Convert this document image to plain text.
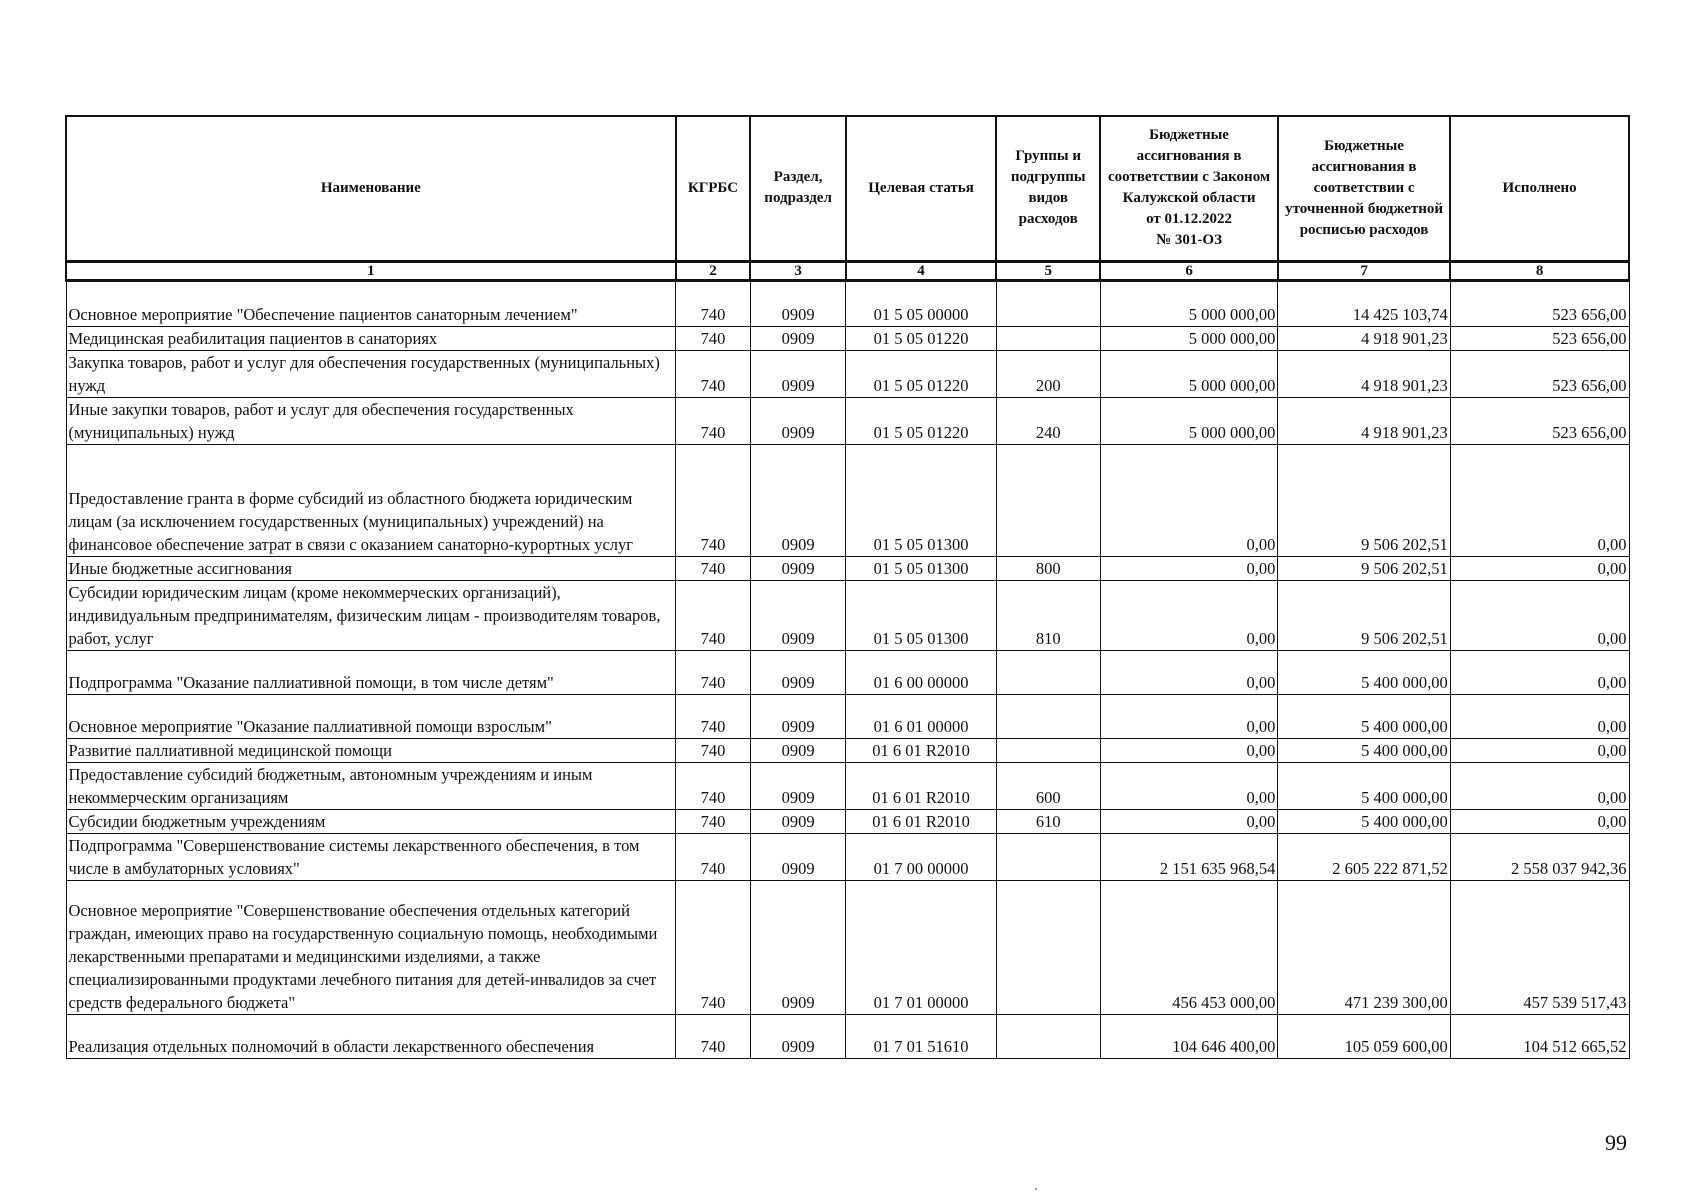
Наименование	КГРБС	Раздел, подраздел	Целевая статья	Группы и подгруппы видов расходов	Бюджетные ассигнования в соответствии с Законом Калужской области
от 01.12.2022
№ 301-ОЗ	Бюджетные ассигнования в соответствии с уточненной бюджетной росписью расходов	Исполнено
1	2	3	4	5	6	7	8
Основное мероприятие "Обеспечение пациентов санаторным лечением"	740	0909	01 5 05 00000		5 000 000,00	14 425 103,74	523 656,00
Медицинская реабилитация пациентов в санаториях	740	0909	01 5 05 01220		5 000 000,00	4 918 901,23	523 656,00
Закупка товаров, работ и услуг для обеспечения государственных (муниципальных) нужд	740	0909	01 5 05 01220	200	5 000 000,00	4 918 901,23	523 656,00
Иные закупки товаров, работ и услуг для обеспечения государственных (муниципальных) нужд	740	0909	01 5 05 01220	240	5 000 000,00	4 918 901,23	523 656,00
Предоставление гранта в форме субсидий из областного бюджета юридическим лицам (за исключением государственных (муниципальных) учреждений) на финансовое обеспечение затрат в связи с оказанием санаторно-курортных услуг	740	0909	01 5 05 01300		0,00	9 506 202,51	0,00
Иные бюджетные ассигнования	740	0909	01 5 05 01300	800	0,00	9 506 202,51	0,00
Субсидии юридическим лицам (кроме некоммерческих организаций), индивидуальным предпринимателям, физическим лицам - производителям товаров, работ, услуг	740	0909	01 5 05 01300	810	0,00	9 506 202,51	0,00
Подпрограмма "Оказание паллиативной помощи, в том числе детям"	740	0909	01 6 00 00000		0,00	5 400 000,00	0,00
Основное мероприятие "Оказание паллиативной помощи взрослым"	740	0909	01 6 01 00000		0,00	5 400 000,00	0,00
Развитие паллиативной медицинской помощи	740	0909	01 6 01 R2010		0,00	5 400 000,00	0,00
Предоставление субсидий бюджетным, автономным учреждениям и иным некоммерческим организациям	740	0909	01 6 01 R2010	600	0,00	5 400 000,00	0,00
Субсидии бюджетным учреждениям	740	0909	01 6 01 R2010	610	0,00	5 400 000,00	0,00
Подпрограмма "Совершенствование системы лекарственного обеспечения, в том числе в амбулаторных условиях"	740	0909	01 7 00 00000		2 151 635 968,54	2 605 222 871,52	2 558 037 942,36
Основное мероприятие "Совершенствование обеспечения отдельных категорий граждан, имеющих право на государственную социальную помощь, необходимыми лекарственными препаратами и медицинскими изделиями, а также специализированными продуктами лечебного питания для детей-инвалидов за счет средств федерального бюджета"	740	0909	01 7 01 00000		456 453 000,00	471 239 300,00	457 539 517,43
Реализация отдельных полномочий в области лекарственного обеспечения	740	0909	01 7 01 51610		104 646 400,00	105 059 600,00	104 512 665,52
99
